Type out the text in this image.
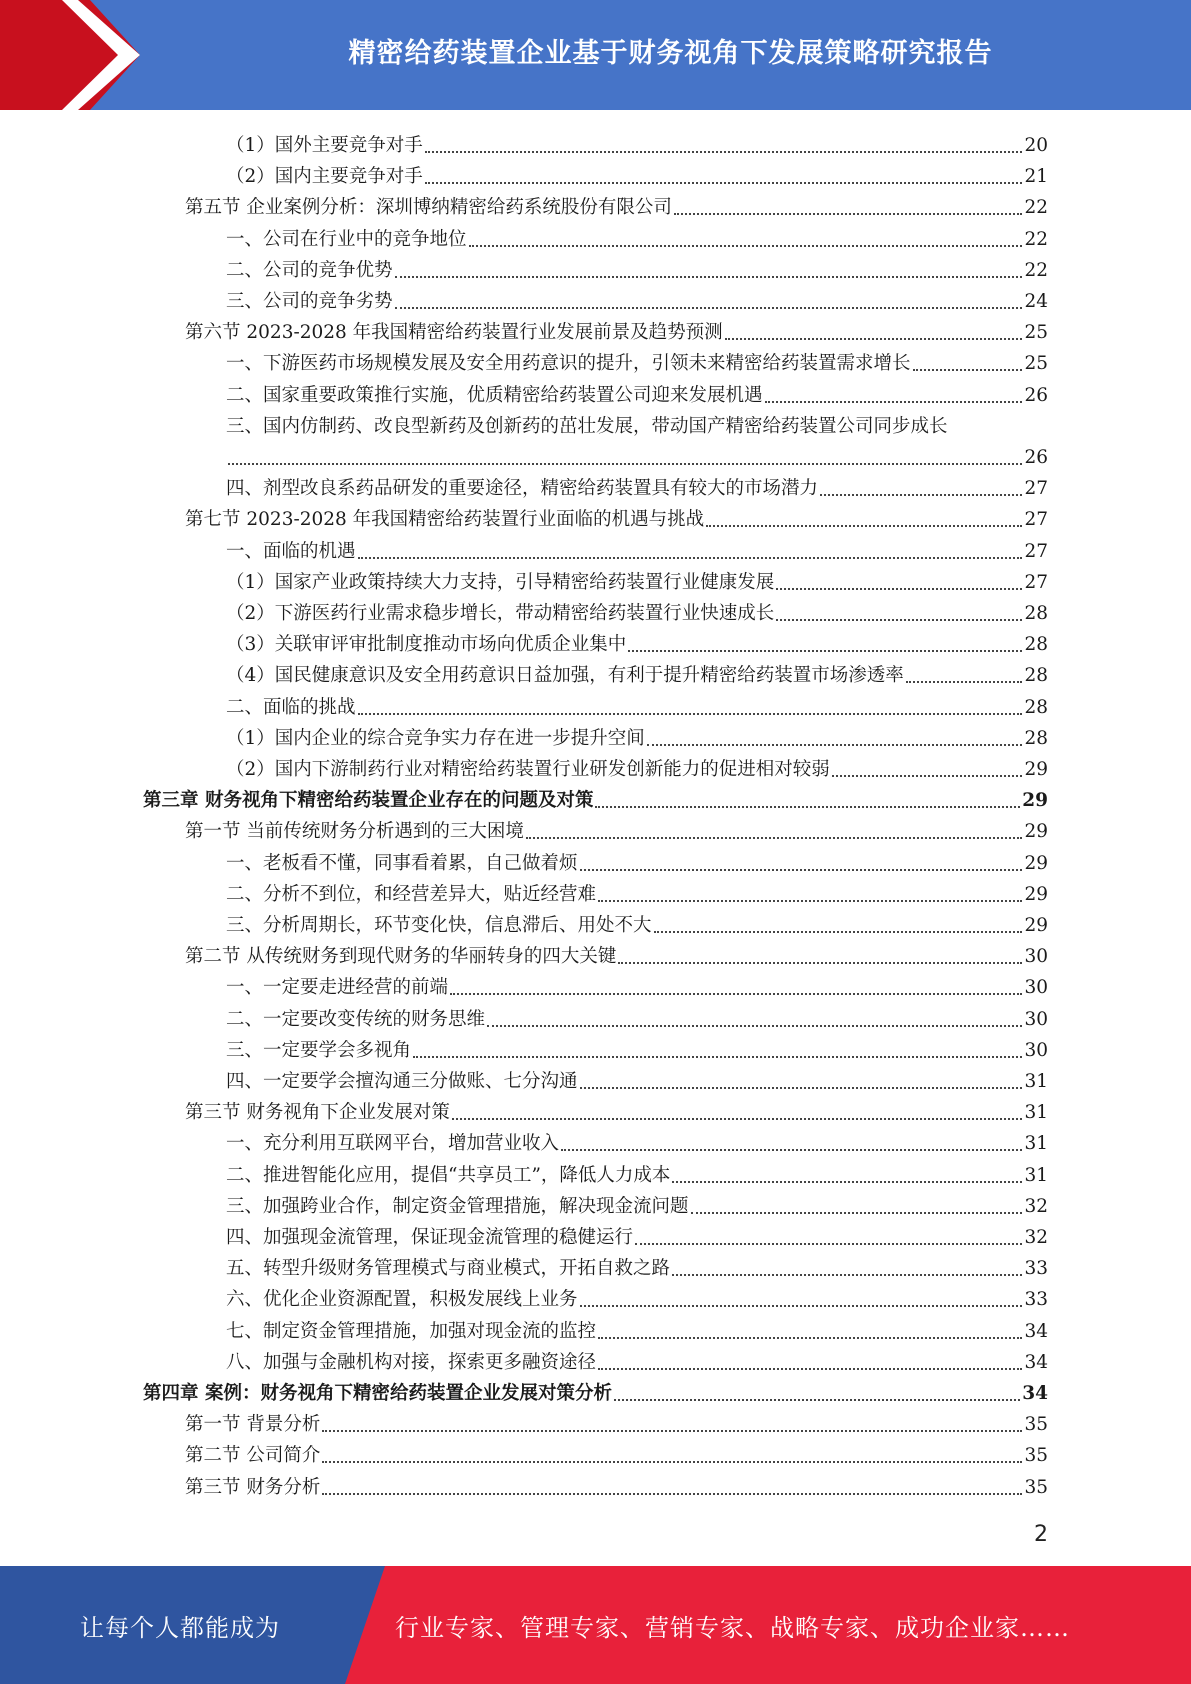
精密给药装置企业基于财务视角下发展策略研究报告
（1）国外主要竞争对手	20
（2）国内主要竞争对手	21
第五节 企业案例分析：深圳博纳精密给药系统股份有限公司	22
一、公司在行业中的竞争地位	22
二、公司的竞争优势	22
三、公司的竞争劣势	24
第六节 2023-2028 年我国精密给药装置行业发展前景及趋势预测	25
一、下游医药市场规模发展及安全用药意识的提升，引领未来精密给药装置需求增长	25
二、国家重要政策推行实施，优质精密给药装置公司迎来发展机遇	26
三、国内仿制药、改良型新药及创新药的茁壮发展，带动国产精密给药装置公司同步成长
26
四、剂型改良系药品研发的重要途径，精密给药装置具有较大的市场潜力	27
第七节 2023-2028 年我国精密给药装置行业面临的机遇与挑战	27
一、面临的机遇	27
（1）国家产业政策持续大力支持，引导精密给药装置行业健康发展	27
（2）下游医药行业需求稳步增长，带动精密给药装置行业快速成长	28
（3）关联审评审批制度推动市场向优质企业集中	28
（4）国民健康意识及安全用药意识日益加强，有利于提升精密给药装置市场渗透率	28
二、面临的挑战	28
（1）国内企业的综合竞争实力存在进一步提升空间	28
（2）国内下游制药行业对精密给药装置行业研发创新能力的促进相对较弱	29
第三章 财务视角下精密给药装置企业存在的问题及对策	29
第一节 当前传统财务分析遇到的三大困境	29
一、老板看不懂，同事看着累，自己做着烦	29
二、分析不到位，和经营差异大，贴近经营难	29
三、分析周期长，环节变化快，信息滞后、用处不大	29
第二节 从传统财务到现代财务的华丽转身的四大关键	30
一、一定要走进经营的前端	30
二、一定要改变传统的财务思维	30
三、一定要学会多视角	30
四、一定要学会擅沟通三分做账、七分沟通	31
第三节 财务视角下企业发展对策	31
一、充分利用互联网平台，增加营业收入	31
二、推进智能化应用，提倡“共享员工”，降低人力成本	31
三、加强跨业合作，制定资金管理措施，解决现金流问题	32
四、加强现金流管理，保证现金流管理的稳健运行	32
五、转型升级财务管理模式与商业模式，开拓自救之路	33
六、优化企业资源配置，积极发展线上业务	33
七、制定资金管理措施，加强对现金流的监控	34
八、加强与金融机构对接，探索更多融资途径	34
第四章 案例：财务视角下精密给药装置企业发展对策分析	34
第一节 背景分析	35
第二节 公司简介	35
第三节 财务分析	35
2
让每个人都能成为	行业专家、管理专家、营销专家、战略专家、成功企业家……
